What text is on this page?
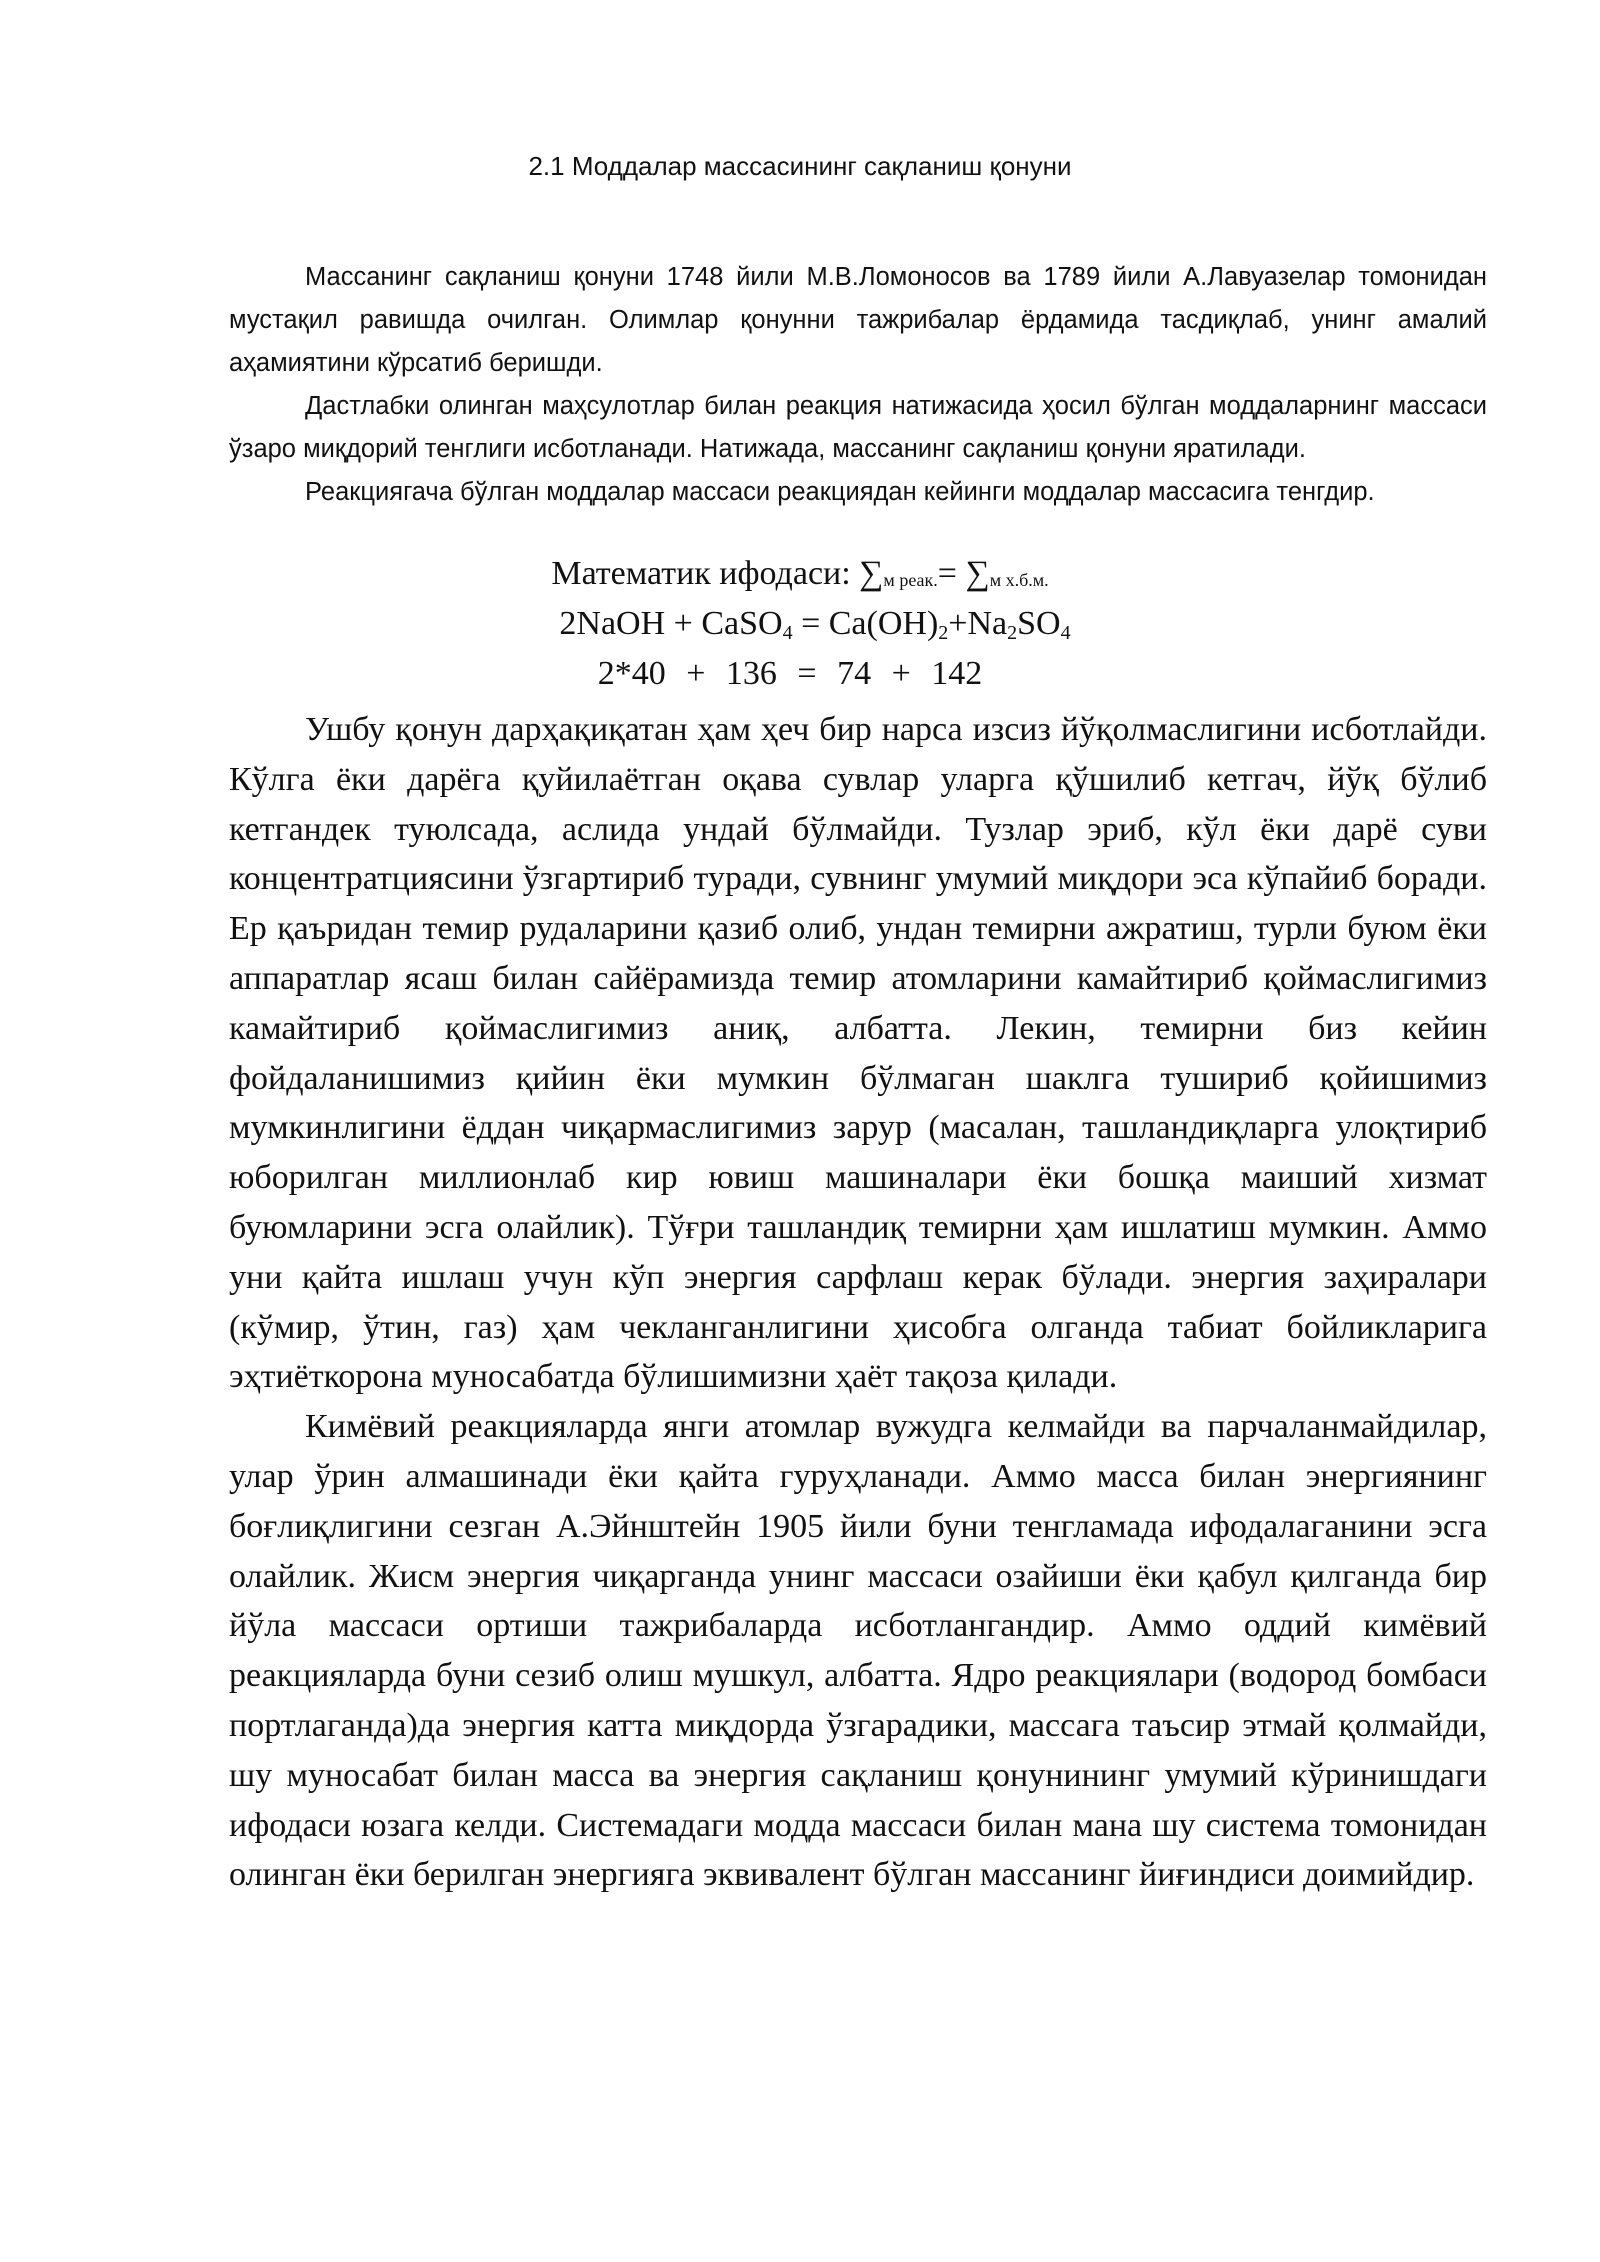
2.1 Моддалар массасининг сақланиш қонуни

Массанинг сақланиш қонуни 1748 йили М.В.Ломоносов ва 1789 йили А.Лавуазелар томонидан мустақил равишда очилган. Олимлар қонунни тажрибалар ёрдамида тасдиқлаб, унинг амалий аҳамиятини кўрсатиб беришди.

Дастлабки олинган маҳсулотлар билан реакция натижасида ҳосил бўлган моддаларнинг массаси ўзаро миқдорий тенглиги исботланади. Натижада, массанинг сақланиш қонуни яратилади.

Реакциягача бўлган моддалар массаси реакциядан кейинги моддалар массасига тенгдир.

Математик ифодаси: ∑м реак.= ∑м х.б.м.
2NaOH + CaSO$_4$ = $Ca(OH)_2+Na_2SO_4$
2*40 + 136 = 74 + 142

Ушбу қонун дарҳақиқатан ҳам ҳеч бир нарса изсиз йўқолмаслигини исботлайди. Кўлга ёки дарёга қуйилаётган оқава сувлар уларга қўшилиб кетгач, йўқ бўлиб кетгандек туюлсада, аслида ундай бўлмайди. Тузлар эриб, кўл ёки дарё суви концентратциясини ўзгартириб туради, сувнинг умумий миқдори эса кўпайиб боради. Ер қаъридан темир рудаларини қазиб олиб, ундан темирни ажратиш, турли буюм ёки аппаратлар ясаш билан сайёрамизда темир атомларини камайтириб қоймаслигимиз камайтириб қоймаслигимиз аниқ, албатта. Лекин, темирни биз кейин фойдаланишимиз қийин ёки мумкин бўлмаган шаклга тушириб қойишимиз мумкинлигини ёддан чиқармаслигимиз зарур (масалан, ташландиқларга улоқтириб юборилган миллионлаб кир ювиш машиналари ёки бошқа маиший хизмат буюмларини эсга олайлик). Тўғри ташландиқ темирни ҳам ишлатиш мумкин. Аммо уни қайта ишлаш учун кўп энергия сарфлаш керак бўлади. энергия заҳиралари (кўмир, ўтин, газ) ҳам чекланганлигини ҳисобга олганда табиат бойликларига эҳтиёткорона муносабатда бўлишимизни ҳаёт тақоза қилади.

Кимёвий реакцияларда янги атомлар вужудга келмайди ва парчаланмайдилар, улар ўрин алмашинади ёки қайта гуруҳланади. Аммо масса билан энергиянинг боғлиқлигини сезган А.Эйнштейн 1905 йили буни тенгламада ифодалаганини эсга олайлик. Жисм энергия чиқарганда унинг массаси озайиши ёки қабул қилганда бир йўла массаси ортиши тажрибаларда исботлангандир. Аммо оддий кимёвий реакцияларда буни сезиб олиш мушкул, албатта. Ядро реакциялари (водород бомбаси портлаганда)да энергия катта миқдорда ўзгарадики, массага таъсир этмай қолмайди, шу муносабат билан масса ва энергия сақланиш қонунининг умумий кўринишдаги ифодаси юзага келди. Системадаги модда массаси билан мана шу система томонидан олинган ёки берилган энергияга эквивалент бўлган массанинг йиғиндиси доимийдир.
